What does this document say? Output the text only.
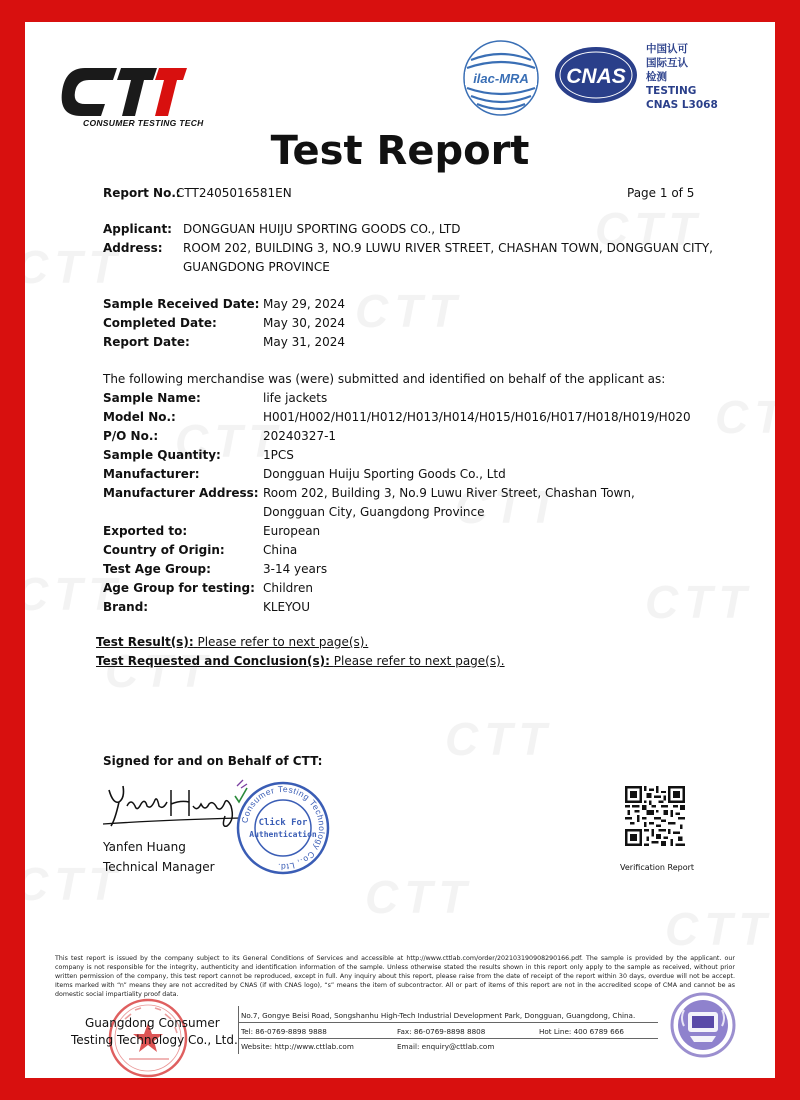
CONSUMER TESTING TECH
ilac-MRA CNAS
中国认可
国际互认
检测
TESTING
CNAS L3068
Test Report
Report No.:
CTT2405016581EN	Page 1 of 5
Applicant: DONGGUAN HUIJU SPORTING GOODS CO., LTD
Address: ROOM 202, BUILDING 3, NO.9 LUWU RIVER STREET, CHASHAN TOWN, DONGGUAN CITY,
GUANGDONG PROVINCE
Sample Received Date: May 29, 2024
Completed Date:	May 30, 2024
Report Date:	May 31, 2024
The following merchandise was (were) submitted and identified on behalf of the applicant as:
Sample Name:	life jackets
Model No.:	H001/H002/H011/H012/H013/H014/H015/H016/H017/H018/H019/H020
P/O No.:	20240327-1
Sample Quantity:	1PCS
Manufacturer:	Dongguan Huiju Sporting Goods Co., Ltd
Manufacturer Address: Room 202, Building 3, No.9 Luwu River Street, Chashan Town,
Dongguan City, Guangdong Province
Exported to:	European
Country of Origin:	China
Test Age Group:	3-14 years
Age Group for testing: Children
Brand:	KLEYOU
Test Result(s): Please refer to next page(s).
Test Requested and Conclusion(s): Please refer to next page(s).
Signed for and on Behalf of CTT:
Yanfen Huang
Technical Manager
Consumer Testing Technology Co., Ltd.
Click For
Authentication
Verification Report
This test report is issued by the company subject to its General Conditions of Services and accessible at http://www.cttlab.com/order/202103190908290166.pdf. The sample is provided by the applicant. our company is not responsible for the integrity, authenticity and identification information of the sample. Unless otherwise stated the results shown in this report only apply to the sample as received, without prior written permission of the company, this test report cannot be reproduced, except in full. Any inquiry about this report, please raise from the date of receipt of the report within 30 days, overdue will not be accept. Items marked with “n” means they are not accredited by CNAS (if with CNAS logo), “s” means the item of subcontractor. All or part of items of this report are not in the accredited scope of CMA and cannot be as domestic social impartiality proof data.
Guangdong Consumer
Testing Technology Co., Ltd.
No.7, Gongye Beisi Road, Songshanhu High-Tech Industrial Development Park, Dongguan, Guangdong, China.
Tel: 86-0769-8898 9888	Fax: 86-0769-8898 8808	Hot Line: 400 6789 666
Website: http://www.cttlab.com	Email: enquiry@cttlab.com
